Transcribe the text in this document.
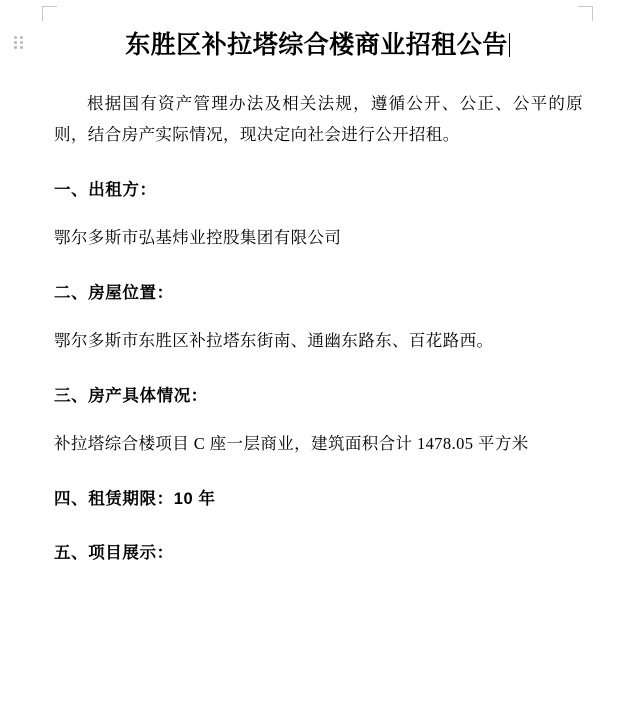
东胜区补拉塔综合楼商业招租公告

根据国有资产管理办法及相关法规，遵循公开、公正、公平的原则，结合房产实际情况，现决定向社会进行公开招租。

一、出租方：

鄂尔多斯市弘基炜业控股集团有限公司

二、房屋位置：

鄂尔多斯市东胜区补拉塔东街南、通幽东路东、百花路西。

三、房产具体情况：

补拉塔综合楼项目 C 座一层商业，建筑面积合计 1478.05 平方米

四、租赁期限：10 年

五、项目展示：
